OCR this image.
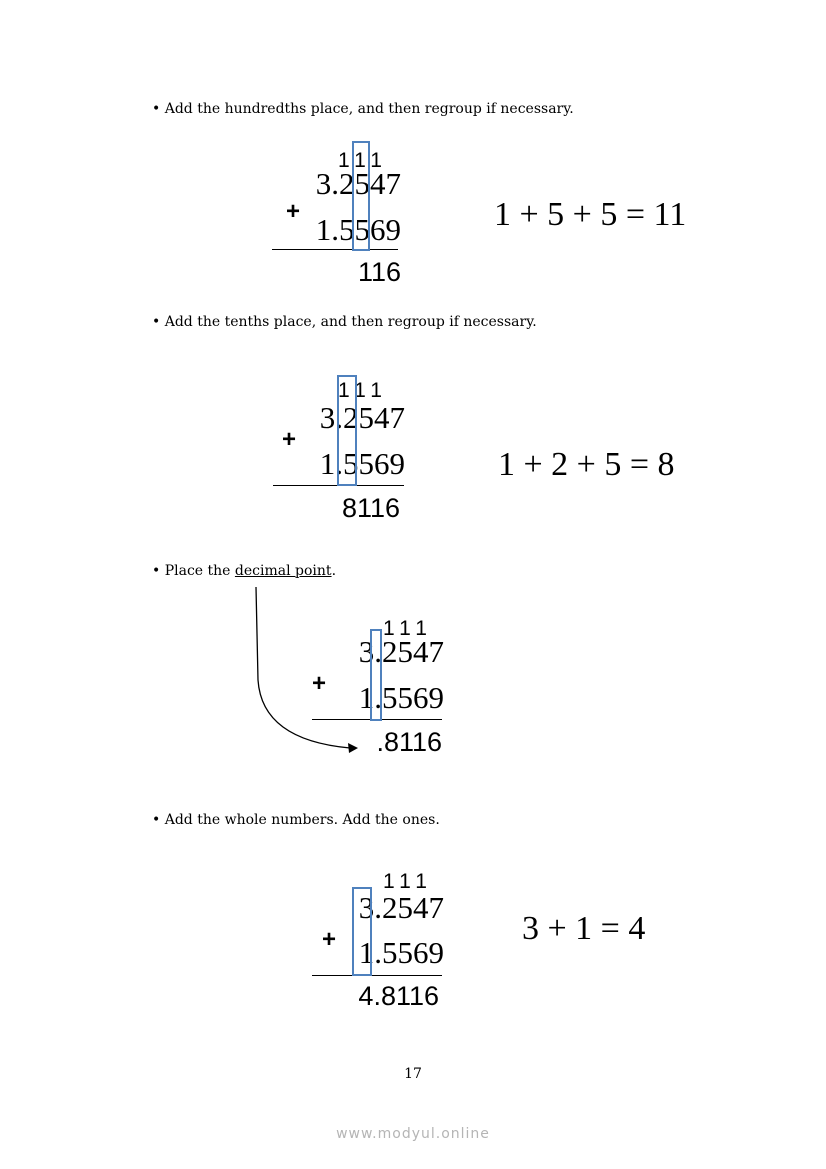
• Add the hundredths place, and then regroup if necessary.
111
3.2547
+
1.5569
116
1 + 5 + 5 = 11
• Add the tenths place, and then regroup if necessary.
111
3.2547
+
1.5569
8116
1 + 2 + 5 = 8
• Place the decimal point.
111
3.2547
+	1.5569
.8116
• Add the whole numbers. Add the ones.
111
3.2547
+ 1.5569
4.8116
3 + 1 = 4
17
www.modyul.online
